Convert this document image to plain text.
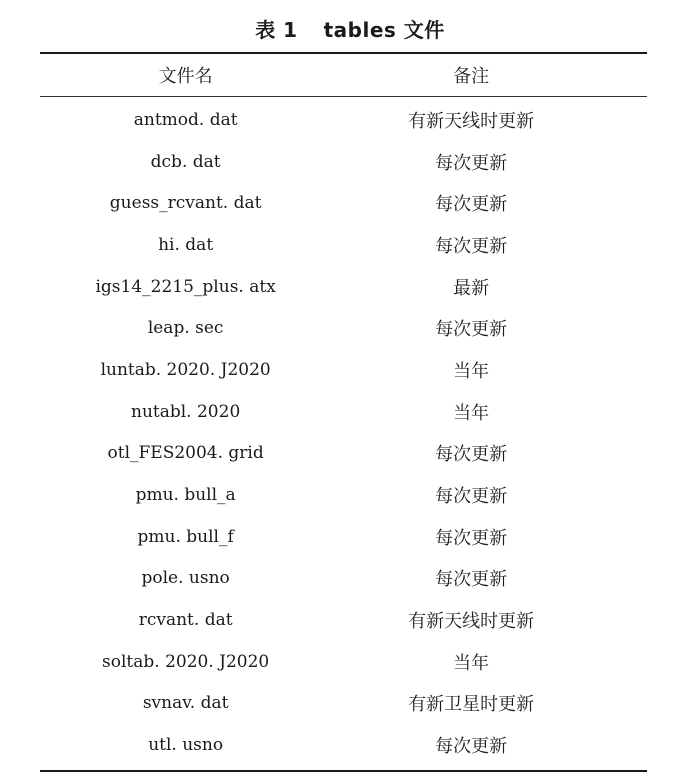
表 1 tables 文件
文件名	备注
antmod. dat	有新天线时更新
dcb. dat	每次更新
guess_rcvant. dat	每次更新
hi. dat	每次更新
igs14_2215_plus. atx	最新
leap. sec	每次更新
luntab. 2020. J2020	当年
nutabl. 2020	当年
otl_FES2004. grid	每次更新
pmu. bull_a	每次更新
pmu. bull_f	每次更新
pole. usno	每次更新
rcvant. dat	有新天线时更新
soltab. 2020. J2020	当年
svnav. dat	有新卫星时更新
utl. usno	每次更新
